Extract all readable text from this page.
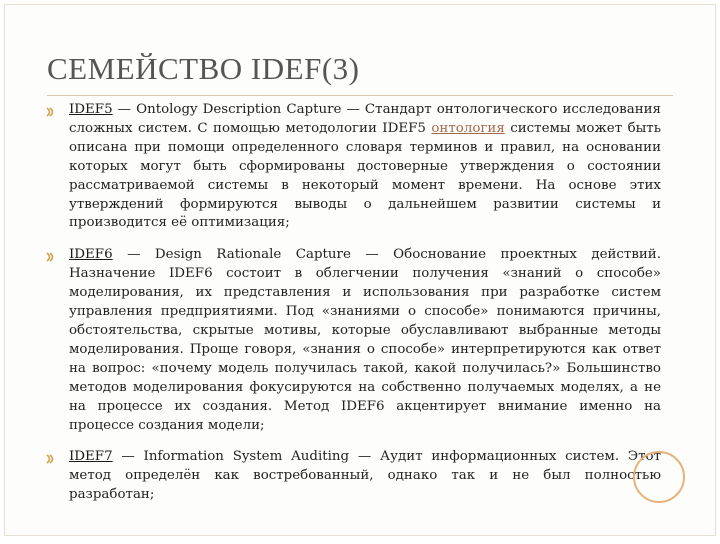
СЕМЕЙСТВО IDEF(3)
IDEF5 — Ontology Description Capture — Стандарт онтологического исследования сложных систем. С помощью методологии IDEF5 онтология системы может быть описана при помощи определенного словаря терминов и правил, на основании которых могут быть сформированы достоверные утверждения о состоянии рассматриваемой системы в некоторый момент времени. На основе этих утверждений формируются выводы о дальнейшем развитии системы и производится её оптимизация;
IDEF6 — Design Rationale Capture — Обоснование проектных действий. Назначение IDEF6 состоит в облегчении получения «знаний о способе» моделирования, их представления и использования при разработке систем управления предприятиями. Под «знаниями о способе» понимаются причины, обстоятельства, скрытые мотивы, которые обуславливают выбранные методы моделирования. Проще говоря, «знания о способе» интерпретируются как ответ на вопрос: «почему модель получилась такой, какой получилась?» Большинство методов моделирования фокусируются на собственно получаемых моделях, а не на процессе их создания. Метод IDEF6 акцентирует внимание именно на процессе создания модели;
IDEF7 — Information System Auditing — Аудит информационных систем. Этот метод определён как востребованный, однако так и не был полностью разработан;
